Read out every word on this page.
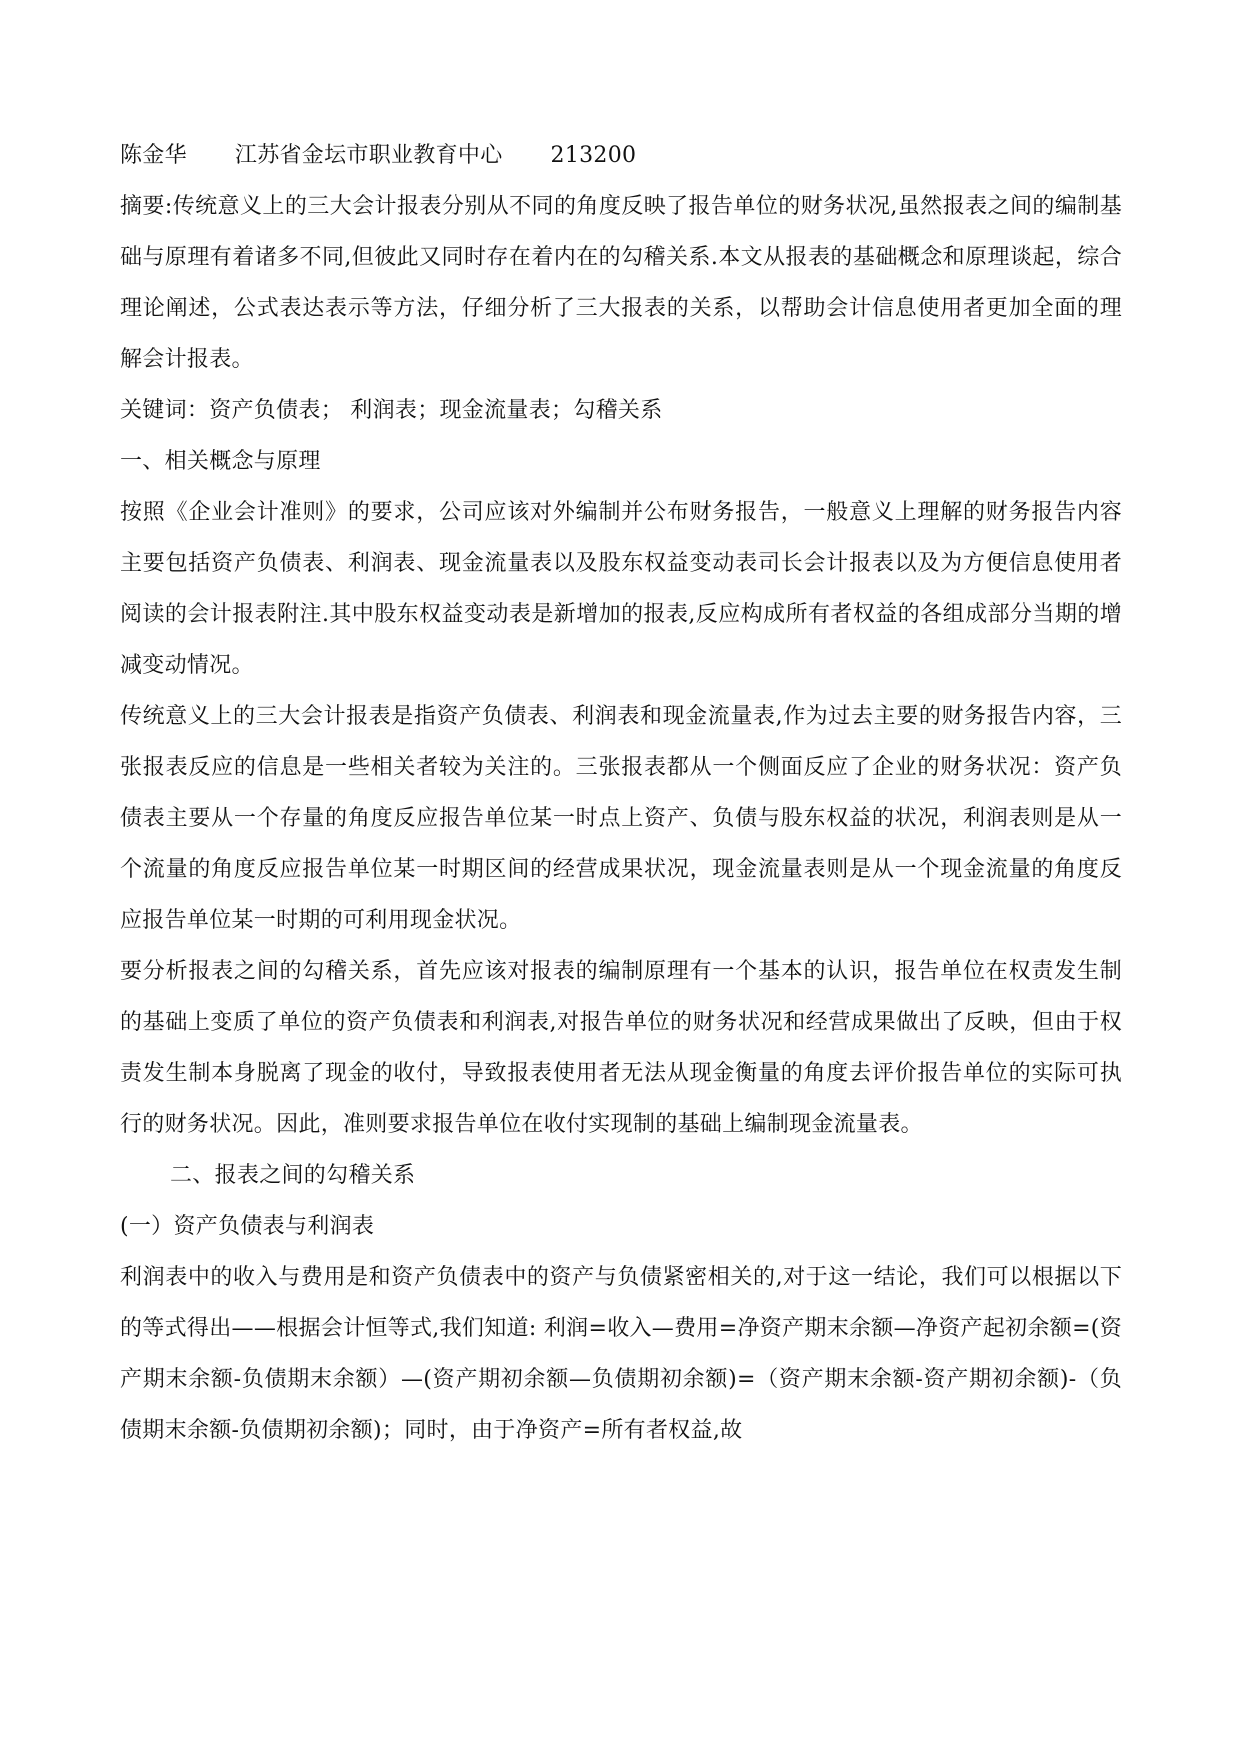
陈金华 江苏省金坛市职业教育中心 213200

摘要:传统意义上的三大会计报表分别从不同的角度反映了报告单位的财务状况,虽然报表之间的编制基础与原理有着诸多不同,但彼此又同时存在着内在的勾稽关系.本文从报表的基础概念和原理谈起，综合理论阐述，公式表达表示等方法，仔细分析了三大报表的关系，以帮助会计信息使用者更加全面的理解会计报表。

关键词：资产负债表； 利润表；现金流量表；勾稽关系

一、相关概念与原理

按照《企业会计准则》的要求，公司应该对外编制并公布财务报告，一般意义上理解的财务报告内容主要包括资产负债表、利润表、现金流量表以及股东权益变动表司长会计报表以及为方便信息使用者阅读的会计报表附注.其中股东权益变动表是新增加的报表,反应构成所有者权益的各组成部分当期的增减变动情况。

传统意义上的三大会计报表是指资产负债表、利润表和现金流量表,作为过去主要的财务报告内容，三张报表反应的信息是一些相关者较为关注的。三张报表都从一个侧面反应了企业的财务状况：资产负债表主要从一个存量的角度反应报告单位某一时点上资产、负债与股东权益的状况，利润表则是从一个流量的角度反应报告单位某一时期区间的经营成果状况，现金流量表则是从一个现金流量的角度反应报告单位某一时期的可利用现金状况。

要分析报表之间的勾稽关系，首先应该对报表的编制原理有一个基本的认识，报告单位在权责发生制的基础上变质了单位的资产负债表和利润表,对报告单位的财务状况和经营成果做出了反映，但由于权责发生制本身脱离了现金的收付，导致报表使用者无法从现金衡量的角度去评价报告单位的实际可执行的财务状况。因此，准则要求报告单位在收付实现制的基础上编制现金流量表。

二、报表之间的勾稽关系

(一）资产负债表与利润表

利润表中的收入与费用是和资产负债表中的资产与负债紧密相关的,对于这一结论，我们可以根据以下的等式得出——根据会计恒等式,我们知道: 利润=收入—费用=净资产期末余额—净资产起初余额=(资产期末余额-负债期末余额）—(资产期初余额—负债期初余额)=（资产期末余额-资产期初余额)-（负债期末余额-负债期初余额)；同时，由于净资产=所有者权益,故
